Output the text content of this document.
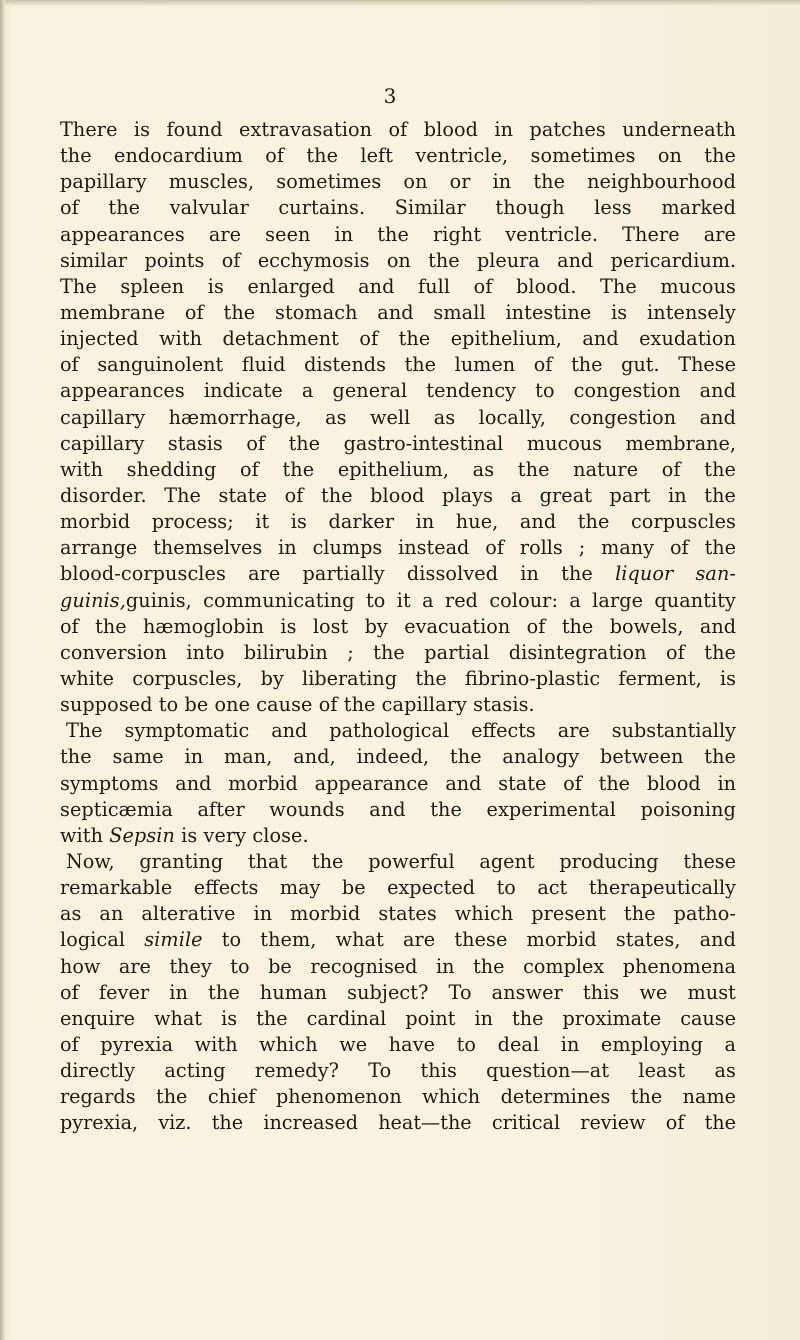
3
There is found extravasation of blood in patches underneath
the endocardium of the left ventricle, sometimes on the
papillary muscles, sometimes on or in the neighbourhood
of the valvular curtains. Similar though less marked
appearances are seen in the right ventricle. There are
similar points of ecchymosis on the pleura and pericardium.
The spleen is enlarged and full of blood. The mucous
membrane of the stomach and small intestine is intensely
injected with detachment of the epithelium, and exudation
of sanguinolent fluid distends the lumen of the gut. These
appearances indicate a general tendency to congestion and
capillary hæmorrhage, as well as locally, congestion and
capillary stasis of the gastro-intestinal mucous membrane,
with shedding of the epithelium, as the nature of the
disorder. The state of the blood plays a great part in the
morbid process; it is darker in hue, and the corpuscles
arrange themselves in clumps instead of rolls ; many of the
blood-corpuscles are partially dissolved in the liquor san-
guinis,guinis, communicating to it a red colour: a large quantity
of the hæmoglobin is lost by evacuation of the bowels, and
conversion into bilirubin ; the partial disintegration of the
white corpuscles, by liberating the fibrino-plastic ferment, is
supposed to be one cause of the capillary stasis.
The symptomatic and pathological effects are substantially
the same in man, and, indeed, the analogy between the
symptoms and morbid appearance and state of the blood in
septicæmia after wounds and the experimental poisoning
with Sepsin is very close.
Now, granting that the powerful agent producing these
remarkable effects may be expected to act therapeutically
as an alterative in morbid states which present the patho-
logical simile to them, what are these morbid states, and
how are they to be recognised in the complex phenomena
of fever in the human subject? To answer this we must
enquire what is the cardinal point in the proximate cause
of pyrexia with which we have to deal in employing a
directly acting remedy? To this question—at least as
regards the chief phenomenon which determines the name
pyrexia, viz. the increased heat—the critical review of the
